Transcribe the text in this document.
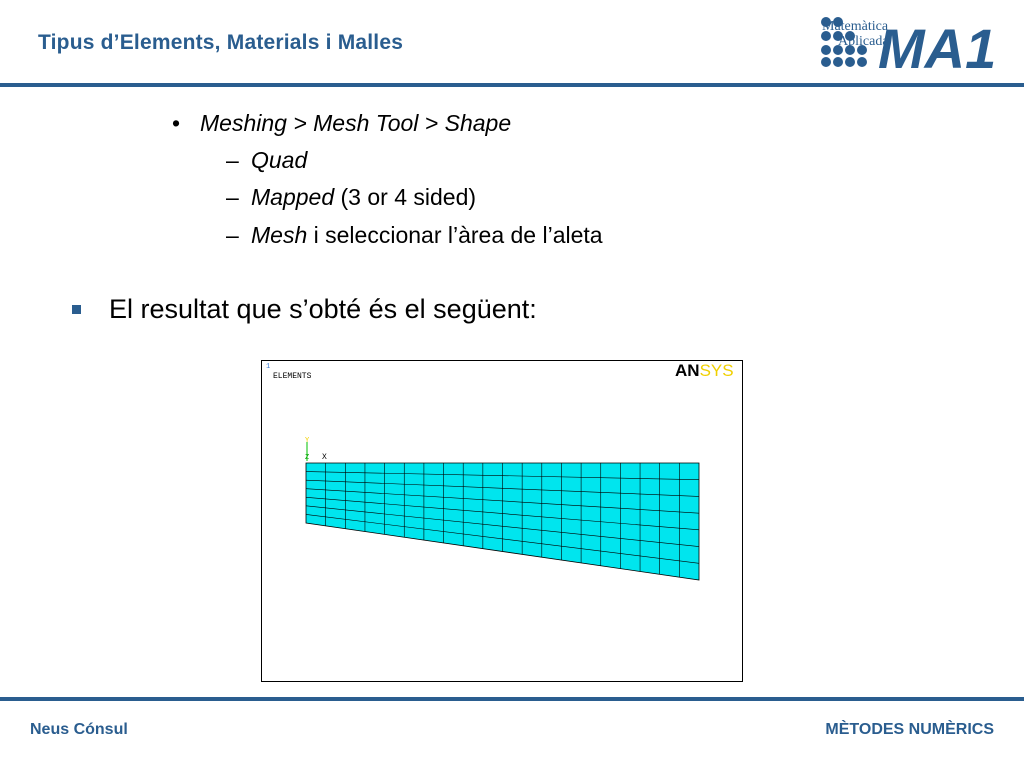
Tipus d’Elements, Materials i Malles
Matemàtica
Aplicada
MA1
• Meshing > Mesh Tool > Shape
– Quad
– Mapped (3 or 4 sided)
– Mesh i seleccionar l’àrea de l’aleta
El resultat que s’obté és el següent:
1
ELEMENTS	ANSYS
Y
Z X
Neus Cónsul	MÈTODES NUMÈRICS
